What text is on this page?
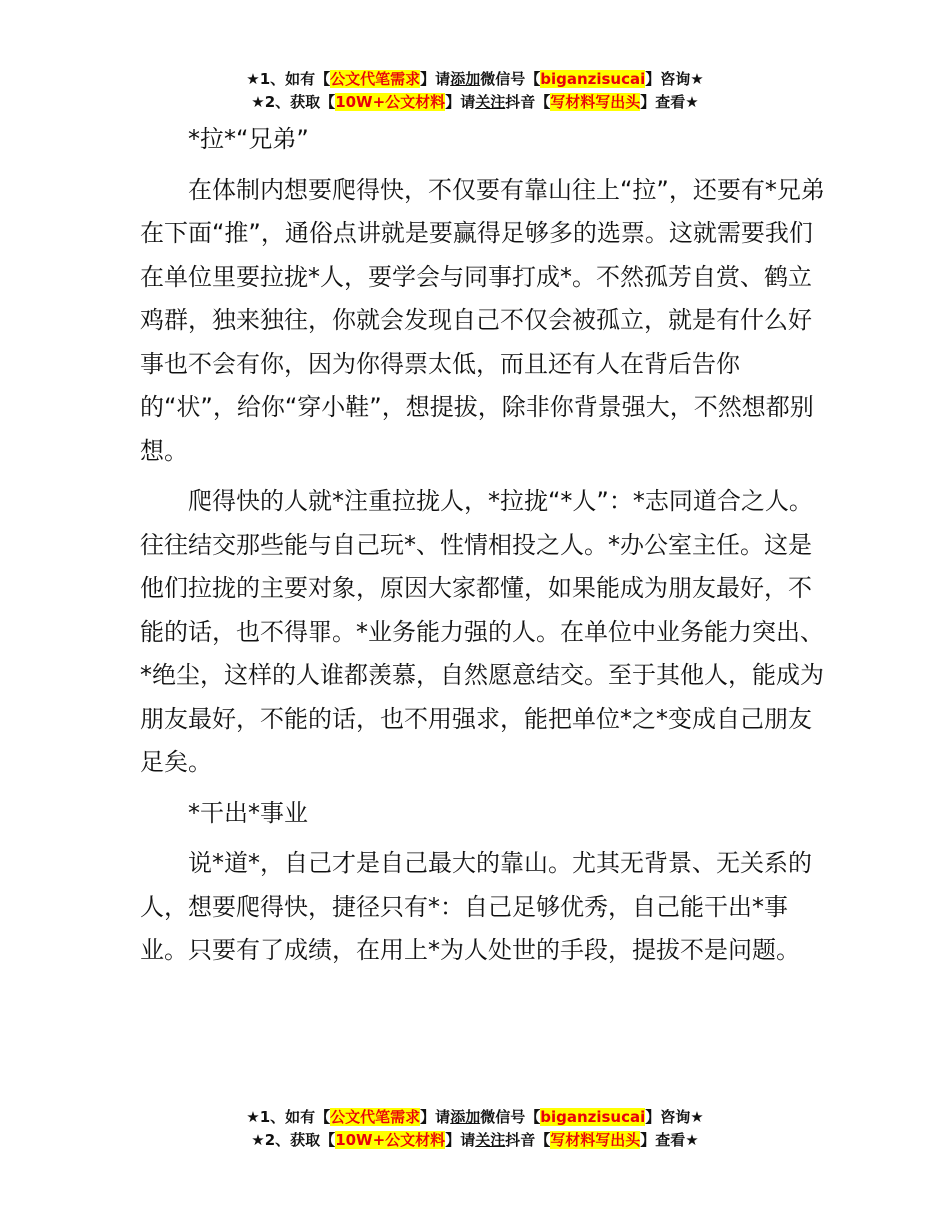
★1、如有【公文代笔需求】请添加微信号【biganzisucai】咨询★
★2、获取【10W+公文材料】请关注抖音【写材料写出头】查看★

*拉*“兄弟”

在体制内想要爬得快，不仅要有靠山往上“拉”，还要有*兄弟在下面“推”，通俗点讲就是要赢得足够多的选票。这就需要我们在单位里要拉拢*人，要学会与同事打成*。不然孤芳自赏、鹤立鸡群，独来独往，你就会发现自己不仅会被孤立，就是有什么好事也不会有你，因为你得票太低，而且还有人在背后告你的“状”，给你“穿小鞋”，想提拔，除非你背景强大，不然想都别想。

爬得快的人就*注重拉拢人，*拉拢“*人”：*志同道合之人。往往结交那些能与自己玩*、性情相投之人。*办公室主任。这是他们拉拢的主要对象，原因大家都懂，如果能成为朋友最好，不能的话，也不得罪。*业务能力强的人。在单位中业务能力突出、*绝尘，这样的人谁都羡慕，自然愿意结交。至于其他人，能成为朋友最好，不能的话，也不用强求，能把单位*之*变成自己朋友足矣。

*干出*事业

说*道*，自己才是自己最大的靠山。尤其无背景、无关系的人，想要爬得快，捷径只有*：自己足够优秀，自己能干出*事业。只要有了成绩，在用上*为人处世的手段，提拔不是问题。

★1、如有【公文代笔需求】请添加微信号【biganzisucai】咨询★
★2、获取【10W+公文材料】请关注抖音【写材料写出头】查看★
